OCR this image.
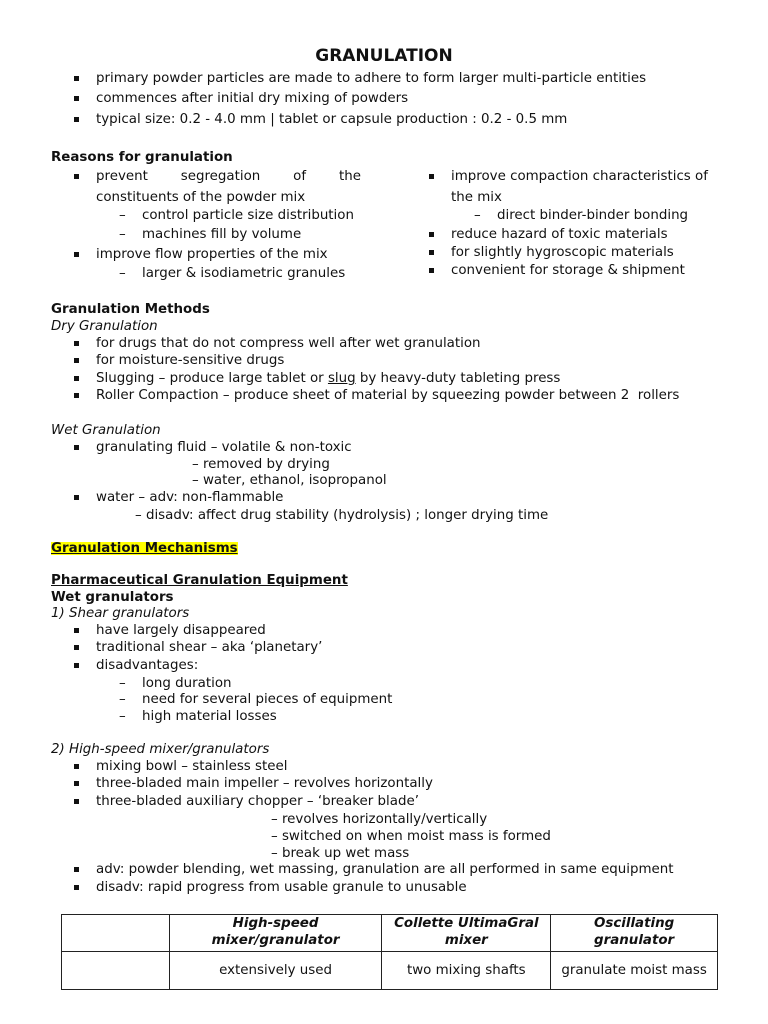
GRANULATION
primary powder particles are made to adhere to form larger multi-particle entities
commences after initial dry mixing of powders
typical size: 0.2 - 4.0 mm | tablet or capsule production : 0.2 - 0.5 mm
Reasons for granulation
prevent segregation of the
constituents of the powder mix
– control particle size distribution
– machines fill by volume
improve flow properties of the mix
– larger & isodiametric granules
improve compaction characteristics of
the mix
– direct binder-binder bonding
reduce hazard of toxic materials
for slightly hygroscopic materials
convenient for storage & shipment
Granulation Methods
Dry Granulation
for drugs that do not compress well after wet granulation
for moisture-sensitive drugs
Slugging – produce large tablet or slug by heavy-duty tableting press
Roller Compaction – produce sheet of material by squeezing powder between 2  rollers
Wet Granulation
granulating fluid – volatile & non-toxic
– removed by drying
– water, ethanol, isopropanol
water – adv: non-flammable
– disadv: affect drug stability (hydrolysis) ; longer drying time
Granulation Mechanisms
Pharmaceutical Granulation Equipment
Wet granulators
1) Shear granulators
have largely disappeared
traditional shear – aka ‘planetary’
disadvantages:
– long duration
– need for several pieces of equipment
– high material losses
2) High-speed mixer/granulators
mixing bowl – stainless steel
three-bladed main impeller – revolves horizontally
three-bladed auxiliary chopper – ‘breaker blade’
– revolves horizontally/vertically
– switched on when moist mass is formed
– break up wet mass
adv: powder blending, wet massing, granulation are all performed in same equipment
disadv: rapid progress from usable granule to unusable
	High-speed mixer/granulator	Collette UltimaGral mixer	Oscillating granulator
	extensively used	two mixing shafts	granulate moist mass
